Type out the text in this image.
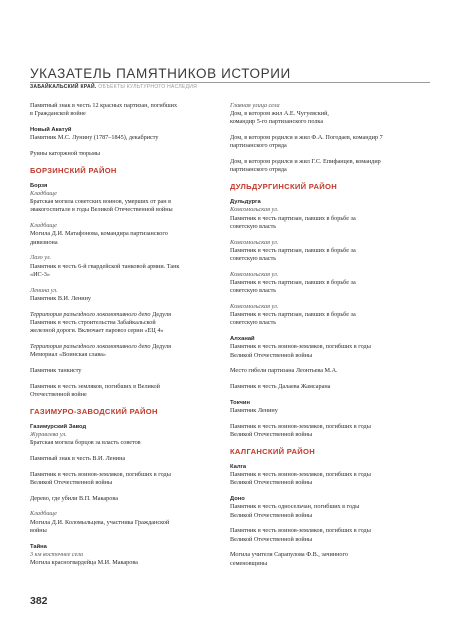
УКАЗАТЕЛЬ ПАМЯТНИКОВ ИСТОРИИ
ЗАБАЙКАЛЬСКИЙ КРАЙ. ОБЪЕКТЫ КУЛЬТУРНОГО НАСЛЕДИЯ
Памятный знак в честь 12 красных партизан, погибших
в Гражданской войне
Новый Акатуй
Памятник М.С. Лунину (1787–1845), декабристу
Руины каторжной тюрьмы
БОРЗИНСКИЙ РАЙОН
Борзя
Кладбище
Братская могила советских воинов, умерших от ран в
эвакогоспитале в годы Великой Отечественной войны
Кладбище
Могила Д.И. Матафонова, командира партизанского
дивизиона
Лазо ул.
Памятник в честь 6-й гвардейской танковой армии. Танк
«ИС-3»
Ленина ул.
Памятник В.И. Ленину
Территория разъездного локомотивного депо Дедуля
Памятник в честь строительства Забайкальской
железной дороги. Включает паровоз серии «ЕЦ 4»
Территория разъездного локомотивного депо Дедуля
Мемориал «Воинская слава»
Памятник танкисту
Памятник в честь земляков, погибших в Великой
Отечественной войне
ГАЗИМУРО-ЗАВОДСКИЙ РАЙОН
Газимурский Завод
Журавлева ул.
Братская могила борцов за власть советов
Памятный знак в честь В.И. Ленина
Памятник в честь воинов-земляков, погибших в годы
Великой Отечественной войны
Дерево, где убили В.П. Макарова
Кладбище
Могила Д.И. Коломыльцева, участника Гражданской
войны
Тайна
3 км восточнее села
Могила красногвардейца М.И. Макарова
Главная улица села
Дом, в котором жил А.Е. Чугуевский,
командир 5-го партизанского полка
Дом, в котором родился и жил Ф.А. Погодаев, командир 7
партизанского отряда
Дом, в котором родился и жил Г.С. Епифанцев, командир
партизанского отряда
ДУЛЬДУРГИНСКИЙ РАЙОН
Дульдурга
Комсомольская ул.
Памятник в честь партизан, павших в борьбе за
советскую власть
Комсомольская ул.
Памятник в честь партизан, павших в борьбе за
советскую власть
Комсомольская ул.
Памятник в честь партизан, павших в борьбе за
советскую власть
Комсомольская ул.
Памятник в честь партизан, павших в борьбе за
советскую власть
Алханай
Памятник в честь воинов-земляков, погибших в годы
Великой Отечественной войны
Место гибели партизана Леонтьева М.А.
Памятник в честь Далаева Жамсарана
Токчин
Памятник Ленину
Памятник в честь воинов-земляков, погибших в годы
Великой Отечественной войны
КАЛГАНСКИЙ РАЙОН
Калга
Памятник в честь воинов-земляков, погибших в годы
Великой Отечественной войны
Доно
Памятник в честь односельчан, погибших в годы
Великой Отечественной войны
Памятник в честь воинов-земляков, погибших в годы
Великой Отечественной войны
Могила учителя Сарапулова Ф.В., зачинного
семеновщины
382
